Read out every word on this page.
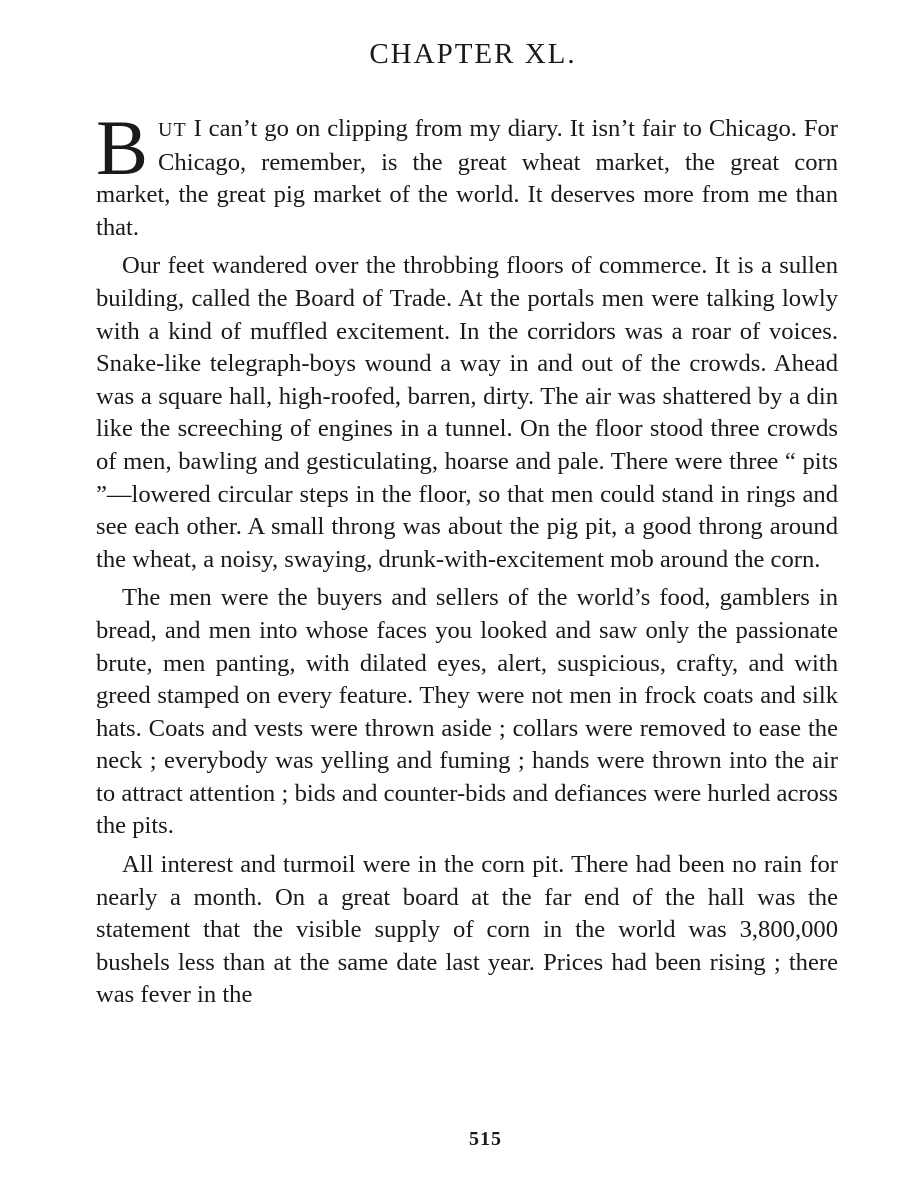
CHAPTER XL.

BUT I can’t go on clipping from my diary. It isn’t fair to Chicago. For Chicago, remember, is the great wheat market, the great corn market, the great pig market of the world. It deserves more from me than that.

Our feet wandered over the throbbing floors of commerce. It is a sullen building, called the Board of Trade. At the portals men were talking lowly with a kind of muffled excitement. In the corridors was a roar of voices. Snake-like telegraph-boys wound a way in and out of the crowds. Ahead was a square hall, high-roofed, barren, dirty. The air was shattered by a din like the screeching of engines in a tunnel. On the floor stood three crowds of men, bawling and gesticulating, hoarse and pale. There were three “ pits ”—lowered circular steps in the floor, so that men could stand in rings and see each other. A small throng was about the pig pit, a good throng around the wheat, a noisy, swaying, drunk-with-excitement mob around the corn.

The men were the buyers and sellers of the world’s food, gamblers in bread, and men into whose faces you looked and saw only the passionate brute, men panting, with dilated eyes, alert, suspicious, crafty, and with greed stamped on every feature. They were not men in frock coats and silk hats. Coats and vests were thrown aside ; collars were removed to ease the neck ; everybody was yelling and fuming ; hands were thrown into the air to attract attention ; bids and counter-bids and defiances were hurled across the pits.

All interest and turmoil were in the corn pit. There had been no rain for nearly a month. On a great board at the far end of the hall was the statement that the visible supply of corn in the world was 3,800,000 bushels less than at the same date last year. Prices had been rising ; there was fever in the

515
